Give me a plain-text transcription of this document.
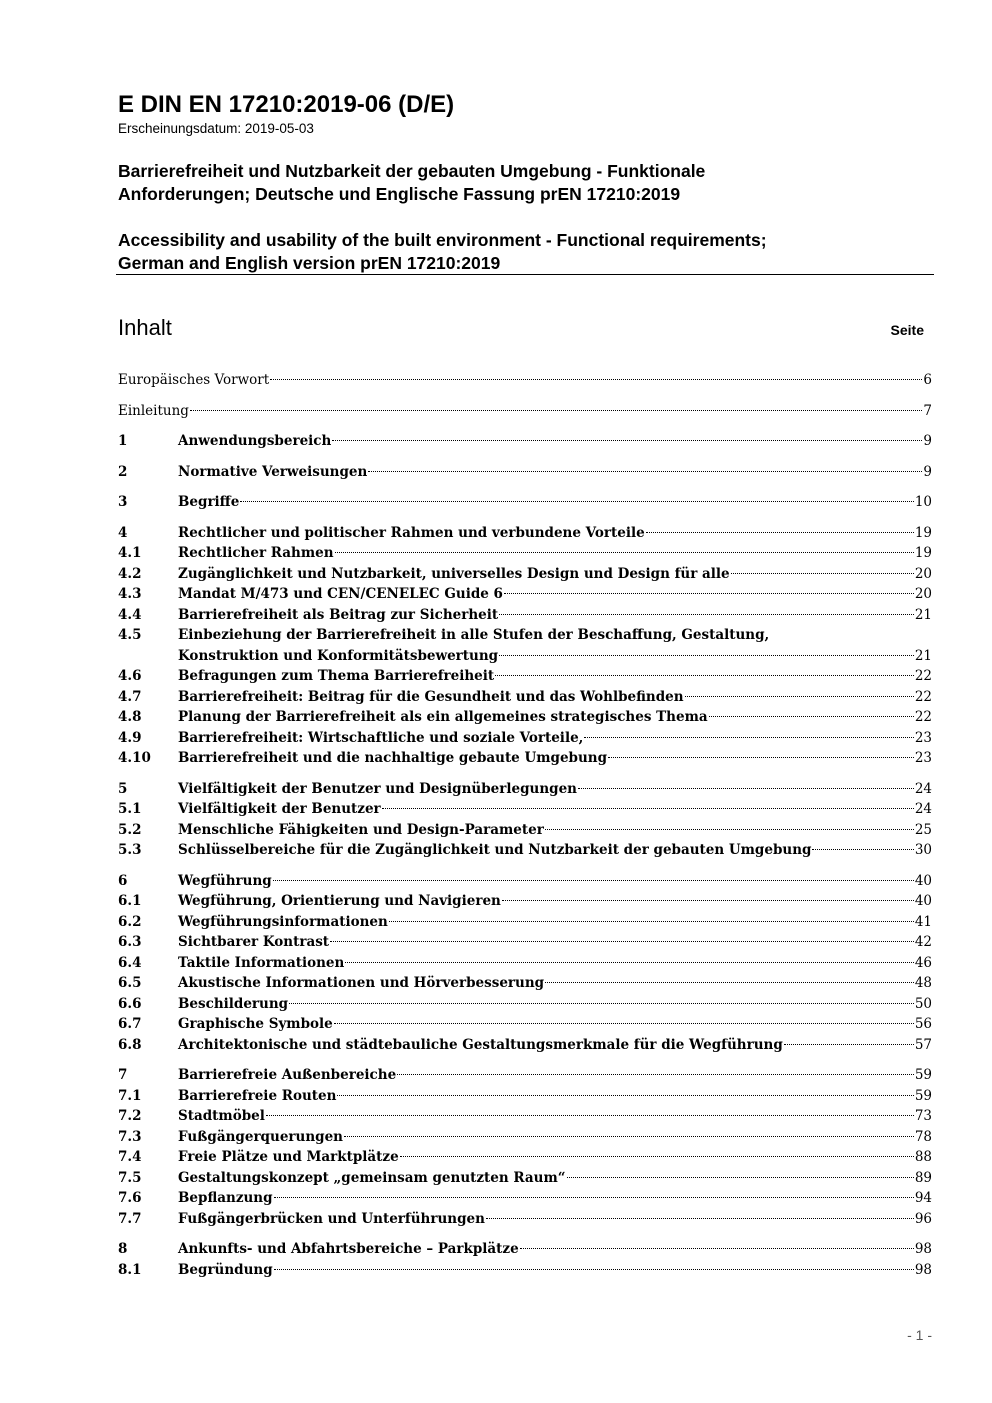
E DIN EN 17210:2019-06 (D/E)
Erscheinungsdatum: 2019-05-03
Barrierefreiheit und Nutzbarkeit der gebauten Umgebung - Funktionale
Anforderungen; Deutsche und Englische Fassung prEN 17210:2019
Accessibility and usability of the built environment - Functional requirements;
German and English version prEN 17210:2019
Inhalt	Seite
Europäisches Vorwort	6
Einleitung	7
1	Anwendungsbereich	9
2	Normative Verweisungen	9
3	Begriffe	10
4	Rechtlicher und politischer Rahmen und verbundene Vorteile	19
4.1	Rechtlicher Rahmen	19
4.2	Zugänglichkeit und Nutzbarkeit, universelles Design und Design für alle	20
4.3	Mandat M/473 und CEN/CENELEC Guide 6	20
4.4	Barrierefreiheit als Beitrag zur Sicherheit	21
4.5	Einbeziehung der Barrierefreiheit in alle Stufen der Beschaffung, Gestaltung,
Konstruktion und Konformitätsbewertung	21
4.6	Befragungen zum Thema Barrierefreiheit	22
4.7	Barrierefreiheit: Beitrag für die Gesundheit und das Wohlbefinden	22
4.8	Planung der Barrierefreiheit als ein allgemeines strategisches Thema	22
4.9	Barrierefreiheit: Wirtschaftliche und soziale Vorteile,	23
4.10 Barrierefreiheit und die nachhaltige gebaute Umgebung	23
5	Vielfältigkeit der Benutzer und Designüberlegungen	24
5.1	Vielfältigkeit der Benutzer	24
5.2	Menschliche Fähigkeiten und Design-Parameter	25
5.3	Schlüsselbereiche für die Zugänglichkeit und Nutzbarkeit der gebauten Umgebung	30
6	Wegführung	40
6.1	Wegführung, Orientierung und Navigieren	40
6.2	Wegführungsinformationen	41
6.3	Sichtbarer Kontrast	42
6.4	Taktile Informationen	46
6.5	Akustische Informationen und Hörverbesserung	48
6.6	Beschilderung	50
6.7	Graphische Symbole	56
6.8	Architektonische und städtebauliche Gestaltungsmerkmale für die Wegführung	57
7	Barrierefreie Außenbereiche	59
7.1	Barrierefreie Routen	59
7.2	Stadtmöbel	73
7.3	Fußgängerquerungen	78
7.4	Freie Plätze und Marktplätze	88
7.5	Gestaltungskonzept „gemeinsam genutzten Raum“	89
7.6	Bepflanzung	94
7.7	Fußgängerbrücken und Unterführungen	96
8	Ankunfts- und Abfahrtsbereiche – Parkplätze	98
8.1	Begründung	98
- 1 -
